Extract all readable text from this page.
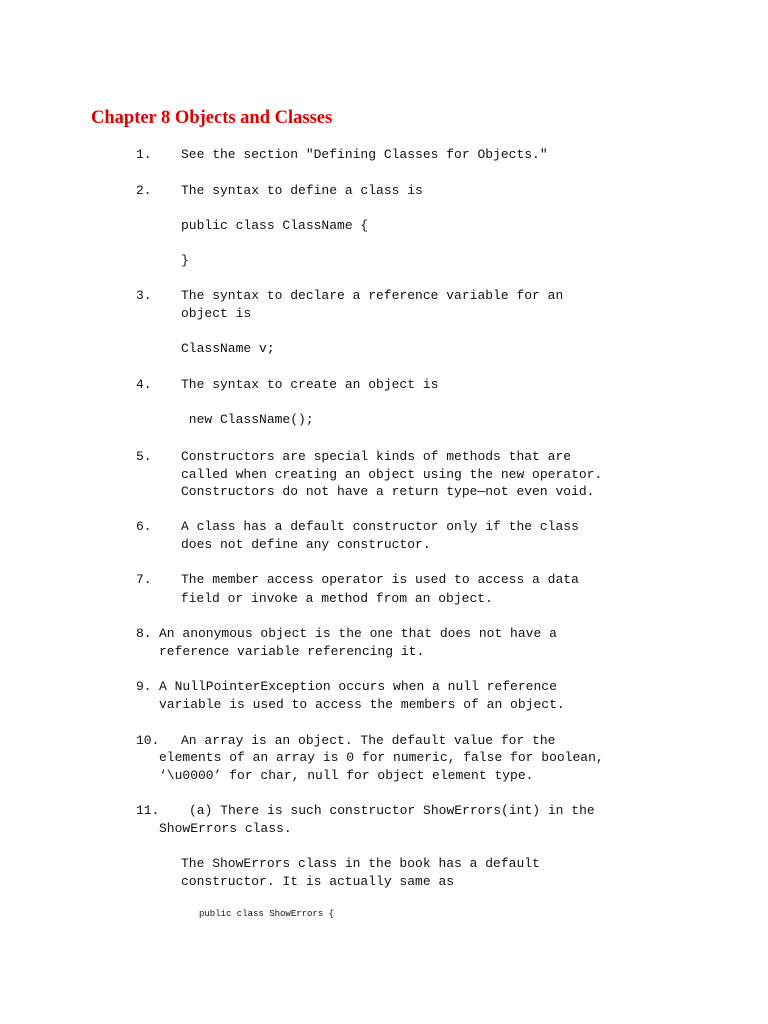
Chapter 8 Objects and Classes
1. See the section "Defining Classes for Objects."
2. The syntax to define a class is
public class ClassName {
}
3. The syntax to declare a reference variable for an
object is
ClassName v;
4. The syntax to create an object is
new ClassName();
5. Constructors are special kinds of methods that are
called when creating an object using the new operator.
Constructors do not have a return type—not even void.
6. A class has a default constructor only if the class
does not define any constructor.
7. The member access operator is used to access a data
field or invoke a method from an object.
8. An anonymous object is the one that does not have a
reference variable referencing it.
9. A NullPointerException occurs when a null reference
variable is used to access the members of an object.
10. An array is an object. The default value for the
elements of an array is 0 for numeric, false for boolean,
‘\u0000’ for char, null for object element type.
11. (a) There is such constructor ShowErrors(int) in the
ShowErrors class.
The ShowErrors class in the book has a default
constructor. It is actually same as
public class ShowErrors {
